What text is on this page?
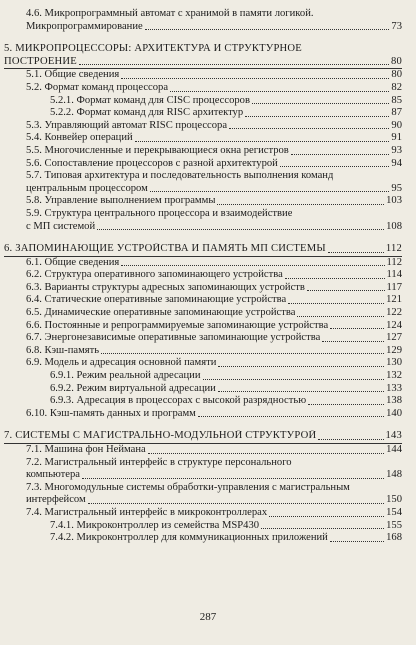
4.6. Микропрограммный автомат с хранимой в памяти логикой.
Микропрограммирование	73
5. МИКРОПРОЦЕССОРЫ: АРХИТЕКТУРА И СТРУКТУРНОЕ
ПОСТРОЕНИЕ	80
5.1. Общие сведения	80
5.2. Формат команд процессора	82
5.2.1. Формат команд для CISC процессоров	85
5.2.2. Формат команд для RISC архитектур	87
5.3. Управляющий автомат RISC процессора	90
5.4. Конвейер операций	91
5.5. Многочисленные и перекрывающиеся окна регистров	93
5.6. Сопоставление процессоров с разной архитектурой	94
5.7. Типовая архитектура и последовательность выполнения команд
центральным процессором	95
5.8. Управление выполнением программы	103
5.9. Структура центрального процессора и взаимодействие
с МП системой	108
6. ЗАПОМИНАЮЩИЕ УСТРОЙСТВА И ПАМЯТЬ МП СИСТЕМЫ	112
6.1. Общие сведения	112
6.2. Структура оперативного запоминающего устройства	114
6.3. Варианты структуры адресных запоминающих устройств	117
6.4. Статические оперативные запоминающие устройства	121
6.5. Динамические оперативные запоминающие устройства	122
6.6. Постоянные и репрограммируемые запоминающие устройства	124
6.7. Энергонезависимые оперативные запоминающие устройства	127
6.8. Кэш-память	129
6.9. Модель и адресация основной памяти	130
6.9.1. Режим реальной адресации	132
6.9.2. Режим виртуальной адресации	133
6.9.3. Адресация в процессорах с высокой разрядностью	138
6.10. Кэш-память данных и программ	140
7. СИСТЕМЫ С МАГИСТРАЛЬНО-МОДУЛЬНОЙ СТРУКТУРОЙ	143
7.1. Машина фон Неймана	144
7.2. Магистральный интерфейс в структуре персонального
компьютера	148
7.3. Многомодульные системы обработки-управления с магистральным
интерфейсом	150
7.4. Магистральный интерфейс в микроконтроллерах	154
7.4.1. Микроконтроллер из семейства MSP430	155
7.4.2. Микроконтроллер для коммуникационных приложений	168
287
